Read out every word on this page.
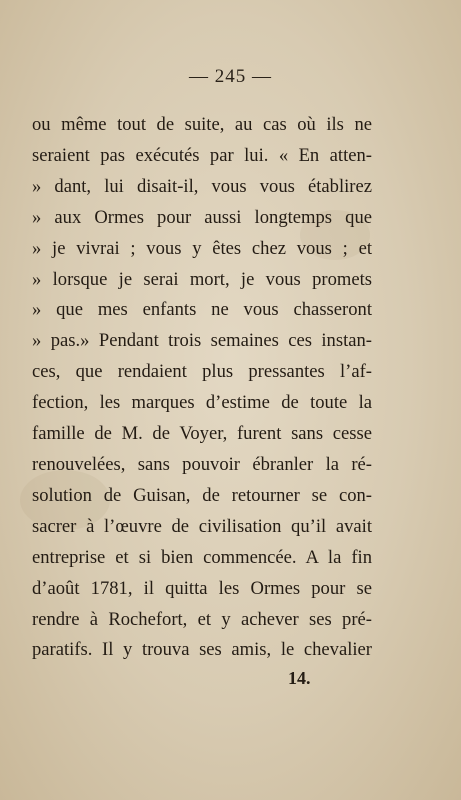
— 245 —
ou même tout de suite, au cas où ils ne
seraient pas exécutés par lui. « En atten-
» dant, lui disait-il, vous vous établirez
» aux Ormes pour aussi longtemps que
» je vivrai ; vous y êtes chez vous ; et
» lorsque je serai mort, je vous promets
» que mes enfants ne vous chasseront
» pas.» Pendant trois semaines ces instan-
ces, que rendaient plus pressantes l’af-
fection, les marques d’estime de toute la
famille de M. de Voyer, furent sans cesse
renouvelées, sans pouvoir ébranler la ré-
solution de Guisan, de retourner se con-
sacrer à l’œuvre de civilisation qu’il avait
entreprise et si bien commencée. A la fin
d’août 1781, il quitta les Ormes pour se
rendre à Rochefort, et y achever ses pré-
paratifs. Il y trouva ses amis, le chevalier
14.
